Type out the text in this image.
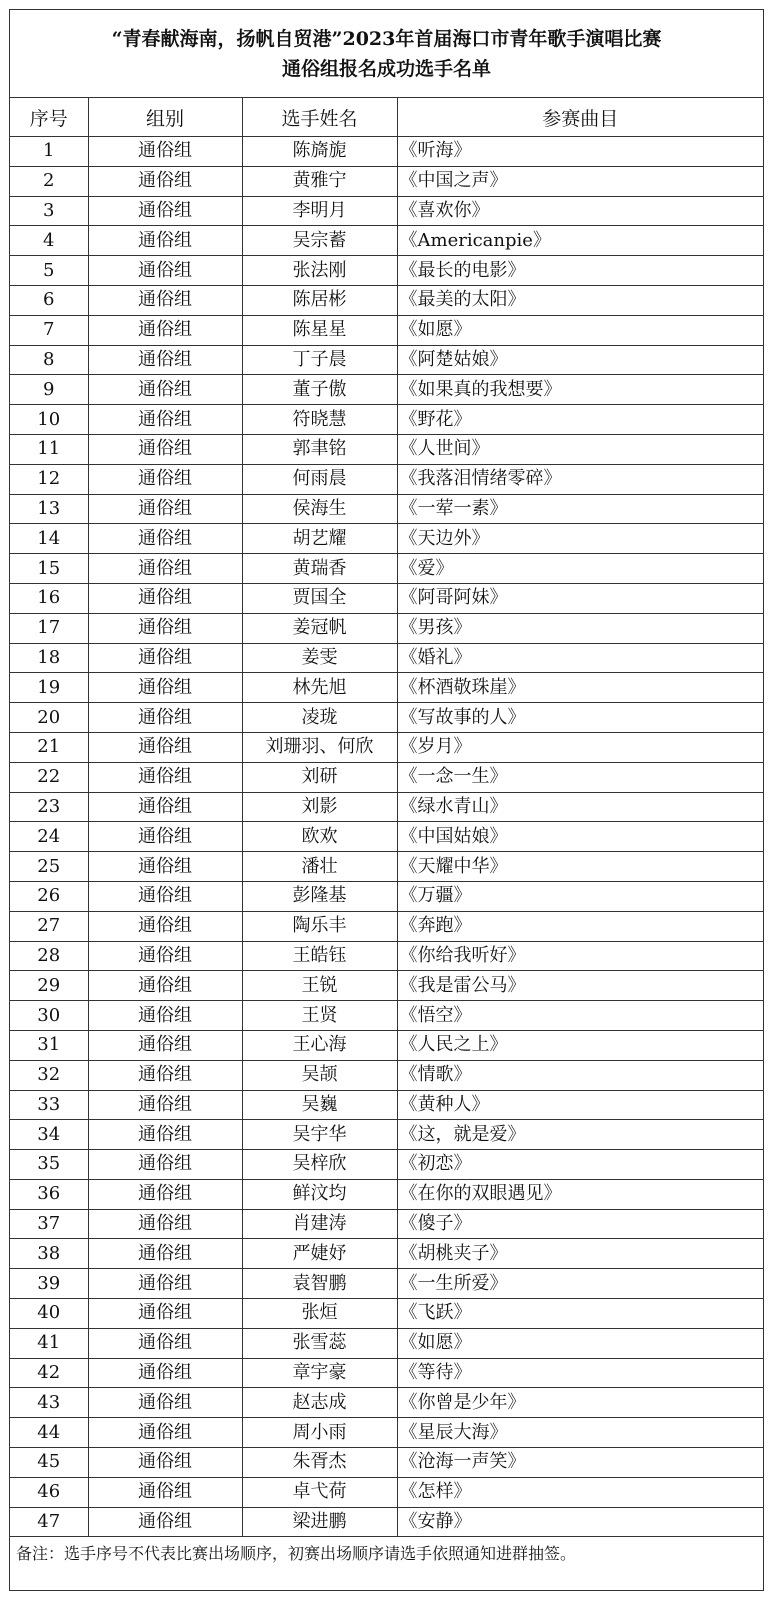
“青春献海南，扬帆自贸港”2023年首届海口市青年歌手演唱比赛
通俗组报名成功选手名单
序号	组别	选手姓名	参赛曲目
1	通俗组	陈旖旎	《听海》
2	通俗组	黄雅宁	《中国之声》
3	通俗组	李明月	《喜欢你》
4	通俗组	吴宗蓄	《Americanpie》
5	通俗组	张法刚	《最长的电影》
6	通俗组	陈居彬	《最美的太阳》
7	通俗组	陈星星	《如愿》
8	通俗组	丁子晨	《阿楚姑娘》
9	通俗组	董子傲	《如果真的我想要》
10	通俗组	符晓慧	《野花》
11	通俗组	郭聿铭	《人世间》
12	通俗组	何雨晨	《我落泪情绪零碎》
13	通俗组	侯海生	《一荤一素》
14	通俗组	胡艺耀	《天边外》
15	通俗组	黄瑞香	《爱》
16	通俗组	贾国全	《阿哥阿妹》
17	通俗组	姜冠帆	《男孩》
18	通俗组	姜雯	《婚礼》
19	通俗组	林先旭	《杯酒敬珠崖》
20	通俗组	凌珑	《写故事的人》
21	通俗组	刘珊羽、何欣	《岁月》
22	通俗组	刘研	《一念一生》
23	通俗组	刘影	《绿水青山》
24	通俗组	欧欢	《中国姑娘》
25	通俗组	潘壮	《天耀中华》
26	通俗组	彭隆基	《万疆》
27	通俗组	陶乐丰	《奔跑》
28	通俗组	王皓钰	《你给我听好》
29	通俗组	王锐	《我是雷公马》
30	通俗组	王贤	《悟空》
31	通俗组	王心海	《人民之上》
32	通俗组	吴颉	《情歌》
33	通俗组	吴巍	《黄种人》
34	通俗组	吴宇华	《这，就是爱》
35	通俗组	吴梓欣	《初恋》
36	通俗组	鲜汶均	《在你的双眼遇见》
37	通俗组	肖建涛	《傻子》
38	通俗组	严婕妤	《胡桃夹子》
39	通俗组	袁智鹏	《一生所爱》
40	通俗组	张烜	《飞跃》
41	通俗组	张雪蕊	《如愿》
42	通俗组	章宇豪	《等待》
43	通俗组	赵志成	《你曾是少年》
44	通俗组	周小雨	《星辰大海》
45	通俗组	朱胥杰	《沧海一声笑》
46	通俗组	卓弋荷	《怎样》
47	通俗组	梁进鹏	《安静》
备注：选手序号不代表比赛出场顺序，初赛出场顺序请选手依照通知进群抽签。
